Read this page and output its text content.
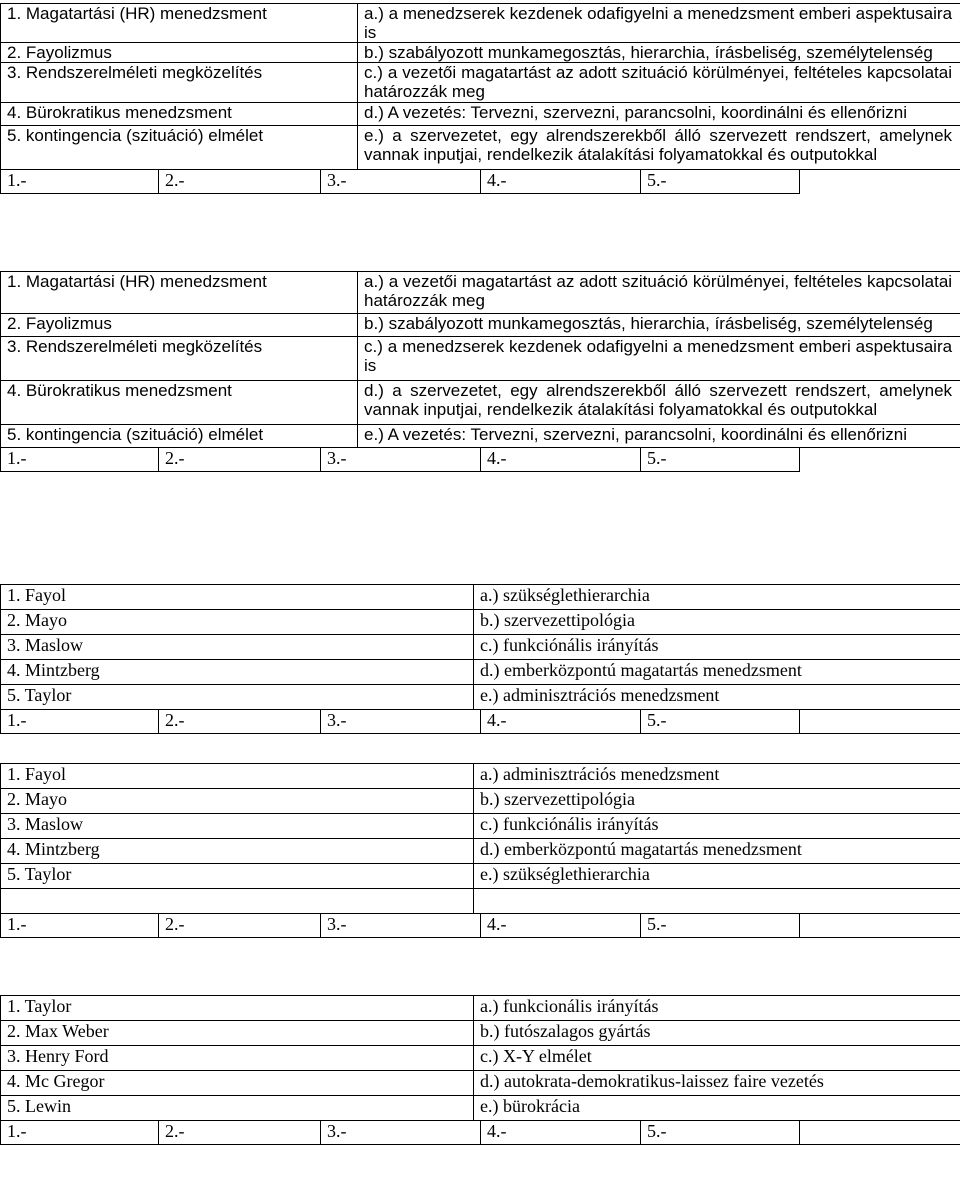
1. Magatartási (HR) menedzsment			a.) a menedzserek kezdenek odafigyelni a menedzsment emberi aspektusaira is			
2. Fayolizmus			b.) szabályozott munkamegosztás, hierarchia, írásbeliség, személytelenség			
3. Rendszerelméleti megközelítés			c.) a vezetői magatartást az adott szituáció körülményei, feltételes kapcsolatai határozzák meg			
4. Bürokratikus menedzsment			d.) A vezetés: Tervezni, szervezni, parancsolni, koordinálni és ellenőrizni			
5. kontingencia (szituáció) elmélet			e.) a szervezetet, egy alrendszerekből álló szervezett rendszert, amelynek vannak inputjai, rendelkezik átalakítási folyamatokkal és outputokkal			
1.-	2.-	3.-		4.-	5.-	
1. Magatartási (HR) menedzsment			a.) a vezetői magatartást az adott szituáció körülményei, feltételes kapcsolatai határozzák meg			
2. Fayolizmus			b.) szabályozott munkamegosztás, hierarchia, írásbeliség, személytelenség			
3. Rendszerelméleti megközelítés			c.) a menedzserek kezdenek odafigyelni a menedzsment emberi aspektusaira is			
4. Bürokratikus menedzsment			d.) a szervezetet, egy alrendszerekből álló szervezett rendszert, amelynek vannak inputjai, rendelkezik átalakítási folyamatokkal és outputokkal			
5. kontingencia (szituáció) elmélet			e.) A vezetés: Tervezni, szervezni, parancsolni, koordinálni és ellenőrizni			
1.-	2.-	3.-		4.-	5.-	
1. Fayol			a.) szükséglethierarchia			
2. Mayo			b.) szervezettipológia			
3. Maslow			c.) funkciónális irányítás			
4. Mintzberg			d.) emberközpontú magatartás menedzsment			
5. Taylor			e.) adminisztrációs menedzsment			
1.-	2.-	3.-		4.-	5.-	
1. Fayol			a.) adminisztrációs menedzsment			
2. Mayo			b.) szervezettipológia			
3. Maslow			c.) funkciónális irányítás			
4. Mintzberg			d.) emberközpontú magatartás menedzsment			
5. Taylor			e.) szükséglethierarchia			

1.-	2.-	3.-		4.-	5.-	
1. Taylor			a.) funkcionális irányítás			
2. Max Weber			b.) futószalagos gyártás			
3. Henry Ford			c.) X-Y elmélet			
4. Mc Gregor			d.) autokrata-demokratikus-laissez faire vezetés			
5. Lewin			e.) bürokrácia			
1.-	2.-	3.-		4.-	5.-	
